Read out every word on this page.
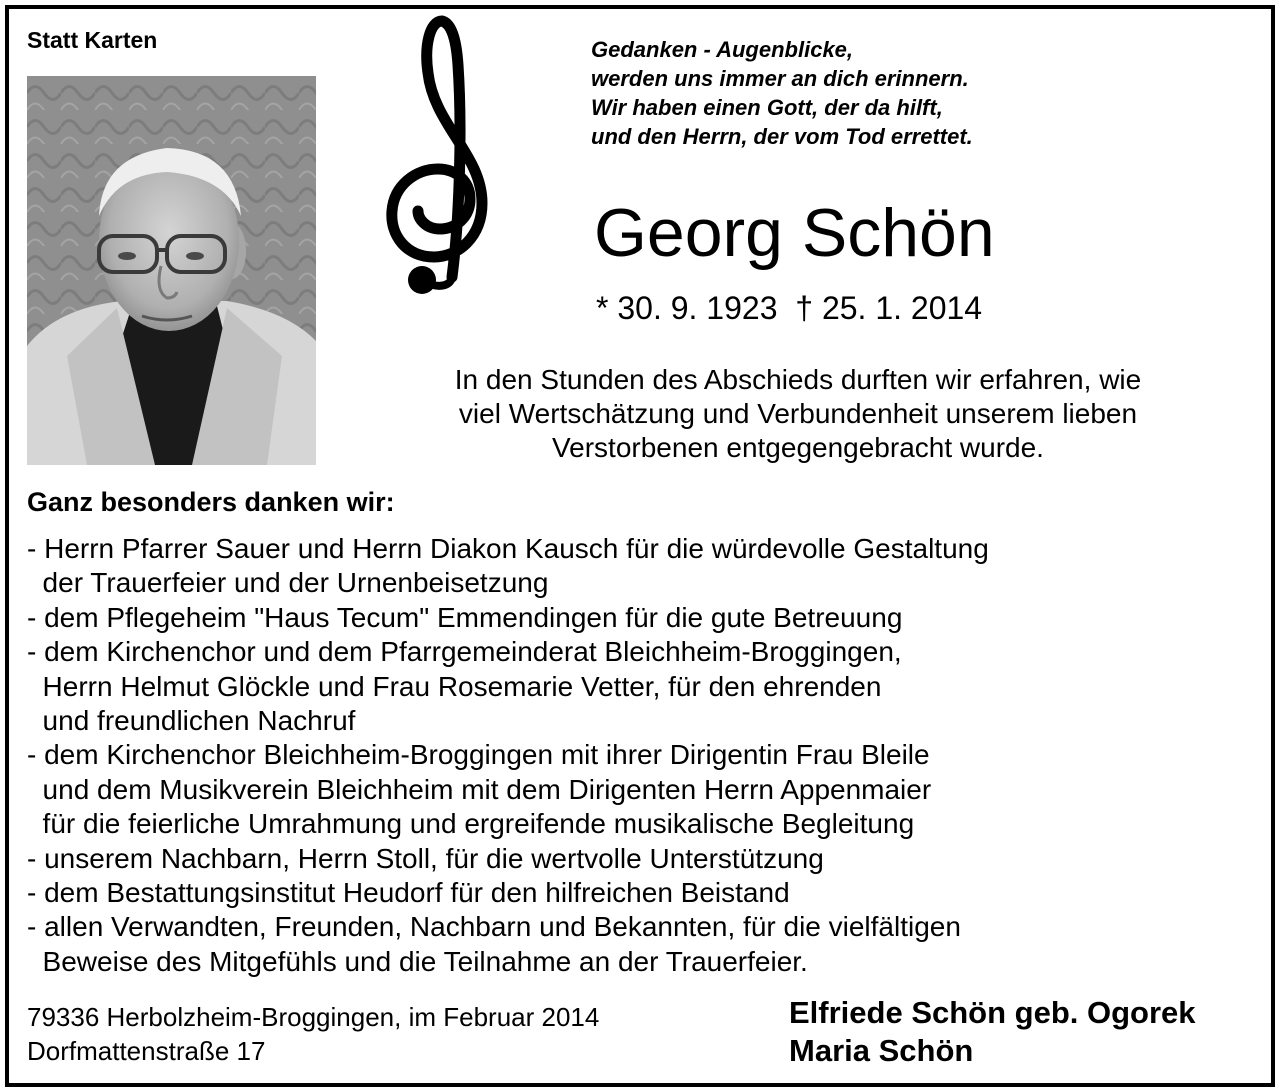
Statt Karten	Gedanken - Augenblicke,
werden uns immer an dich erinnern.
Wir haben einen Gott, der da hilft,
und den Herrn, der vom Tod errettet.
Georg Schön
* 30. 9. 1923 † 25. 1. 2014
In den Stunden des Abschieds durften wir erfahren, wie
viel Wertschätzung und Verbundenheit unserem lieben
Verstorbenen entgegengebracht wurde.
Ganz besonders danken wir:
- Herrn Pfarrer Sauer und Herrn Diakon Kausch für die würdevolle Gestaltung
der Trauerfeier und der Urnenbeisetzung
- dem Pflegeheim "Haus Tecum" Emmendingen für die gute Betreuung
- dem Kirchenchor und dem Pfarrgemeinderat Bleichheim-Broggingen,
Herrn Helmut Glöckle und Frau Rosemarie Vetter, für den ehrenden
und freundlichen Nachruf
- dem Kirchenchor Bleichheim-Broggingen mit ihrer Dirigentin Frau Bleile
und dem Musikverein Bleichheim mit dem Dirigenten Herrn Appenmaier
für die feierliche Umrahmung und ergreifende musikalische Begleitung
- unserem Nachbarn, Herrn Stoll, für die wertvolle Unterstützung
- dem Bestattungsinstitut Heudorf für den hilfreichen Beistand
- allen Verwandten, Freunden, Nachbarn und Bekannten, für die vielfältigen
Beweise des Mitgefühls und die Teilnahme an der Trauerfeier.
79336 Herbolzheim-Broggingen, im Februar 2014
Dorfmattenstraße 17
Elfriede Schön geb. Ogorek
Maria Schön
